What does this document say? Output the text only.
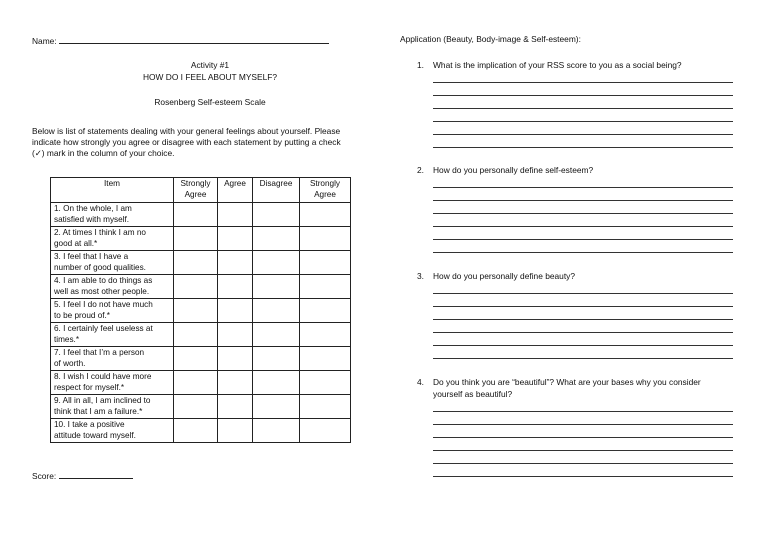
Name:
Activity #1
HOW DO I FEEL ABOUT MYSELF?
Rosenberg Self-esteem Scale
Below is list of statements dealing with your general feelings about yourself. Please
indicate how strongly you agree or disagree with each statement by putting a check
(✓) mark in the column of your choice.
Item	Strongly Agree	Agree	Disagree	Strongly Agree

1. On the whole, I am
satisfied with myself.				

2. At times I think I am no
good at all.*				

3. I feel that I have a
number of good qualities.				

4. I am able to do things as
well as most other people.				

5. I feel I do not have much
to be proud of.*				

6. I certainly feel useless at
times.*				

7. I feel that I’m a person
of worth.				

8. I wish I could have more
respect for myself.*				

9. All in all, I am inclined to
think that I am a failure.*				

10. I take a positive
attitude toward myself.				

Score:
Application (Beauty, Body-image & Self-esteem):
1. What is the implication of your RSS score to you as a social being?
2. How do you personally define self-esteem?
3. How do you personally define beauty?
4. Do you think you are “beautiful”? What are your bases why you consider
yourself as beautiful?
